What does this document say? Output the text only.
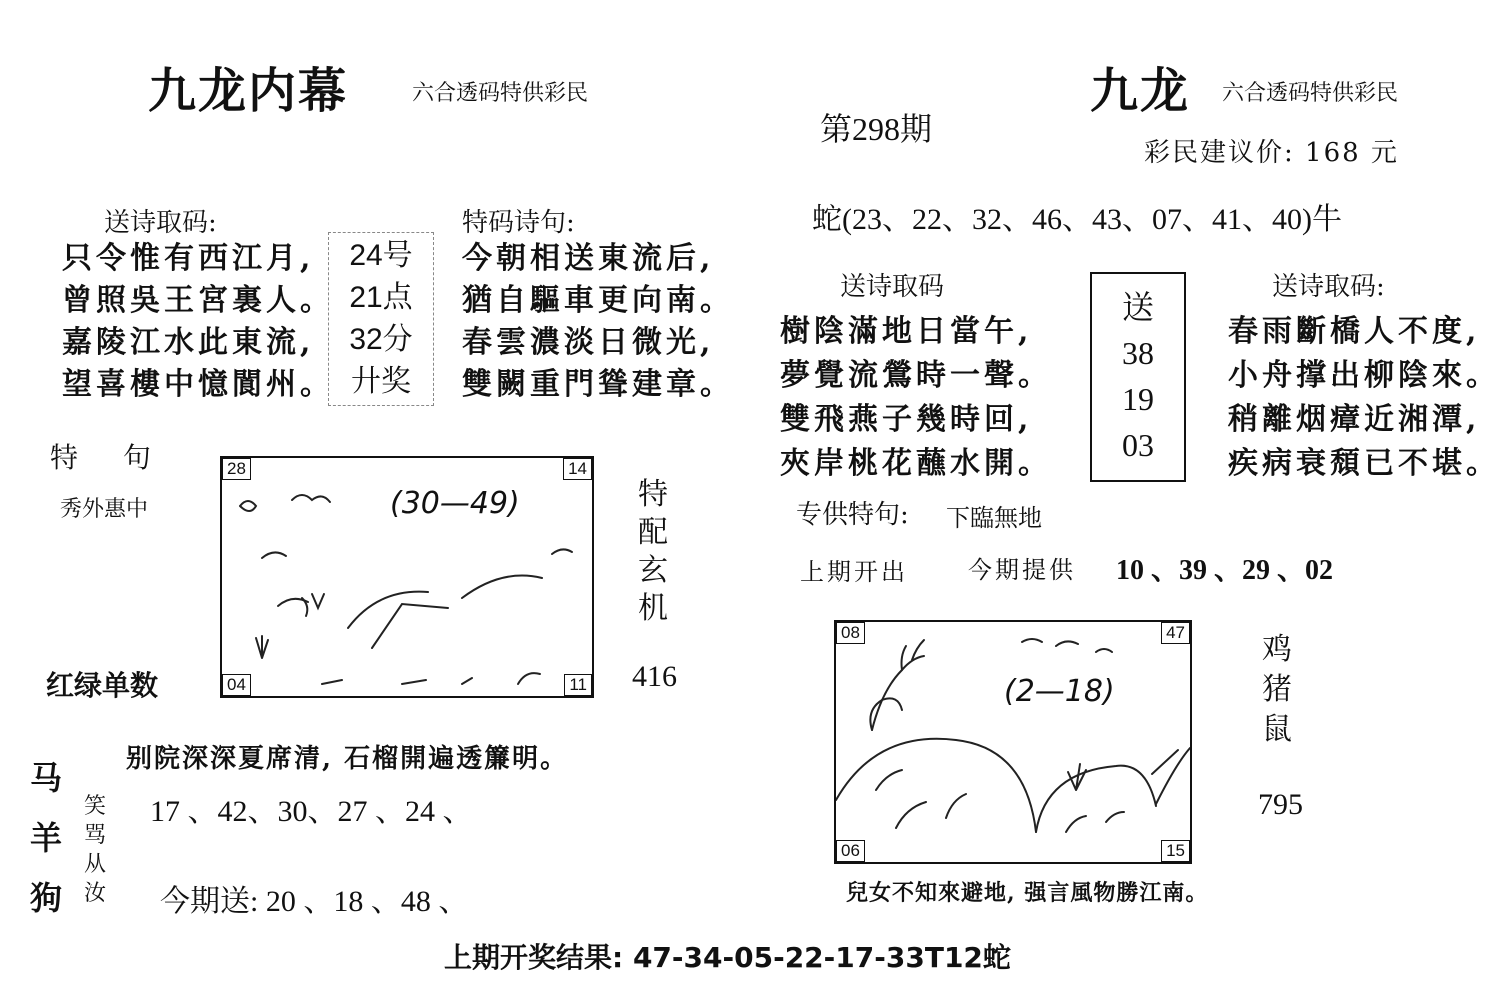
九龙内幕	六合透码特供彩民
送诗取码:
只令惟有西江月,
曾照吳王宮裏人。
嘉陵江水此東流,
望喜樓中憶閬州。
24号
21点
32分
廾奖
特码诗句:
今朝相送東流后,
猶自驅車更向南。
春雲濃淡日微光,
雙闕重門聳建章。
特 句
秀外惠中
28	14
04	11
(30—49)	特
配
玄
机
红绿单数	416
马
羊
狗
笑
骂
从
汝
别院深深夏席清, 石榴開遍透簾明。
17 、42、30、27 、24 、
今期送: 20 、18 、48 、
第298期
九龙 六合透码特供彩民
彩民建议价: 168 元
蛇(23、22、32、46、43、07、41、40)牛
送诗取码
樹陰滿地日當午,
夢覺流鶯時一聲。
雙飛燕子幾時回,
夾岸桃花蘸水開。
送
38
19
03
送诗取码:
春雨斷橋人不度,
小舟撑出柳陰來。
稍離烟瘴近湘潭,
疾病衰頹已不堪。
专供特句: 下臨無地
上期开出	今期提供 10 、39 、29 、02
08	47
06	15
(2—18)
鸡
猪
鼠
795
兒女不知來避地, 强言風物勝江南。
上期开奖结果: 47-34-05-22-17-33T12蛇
